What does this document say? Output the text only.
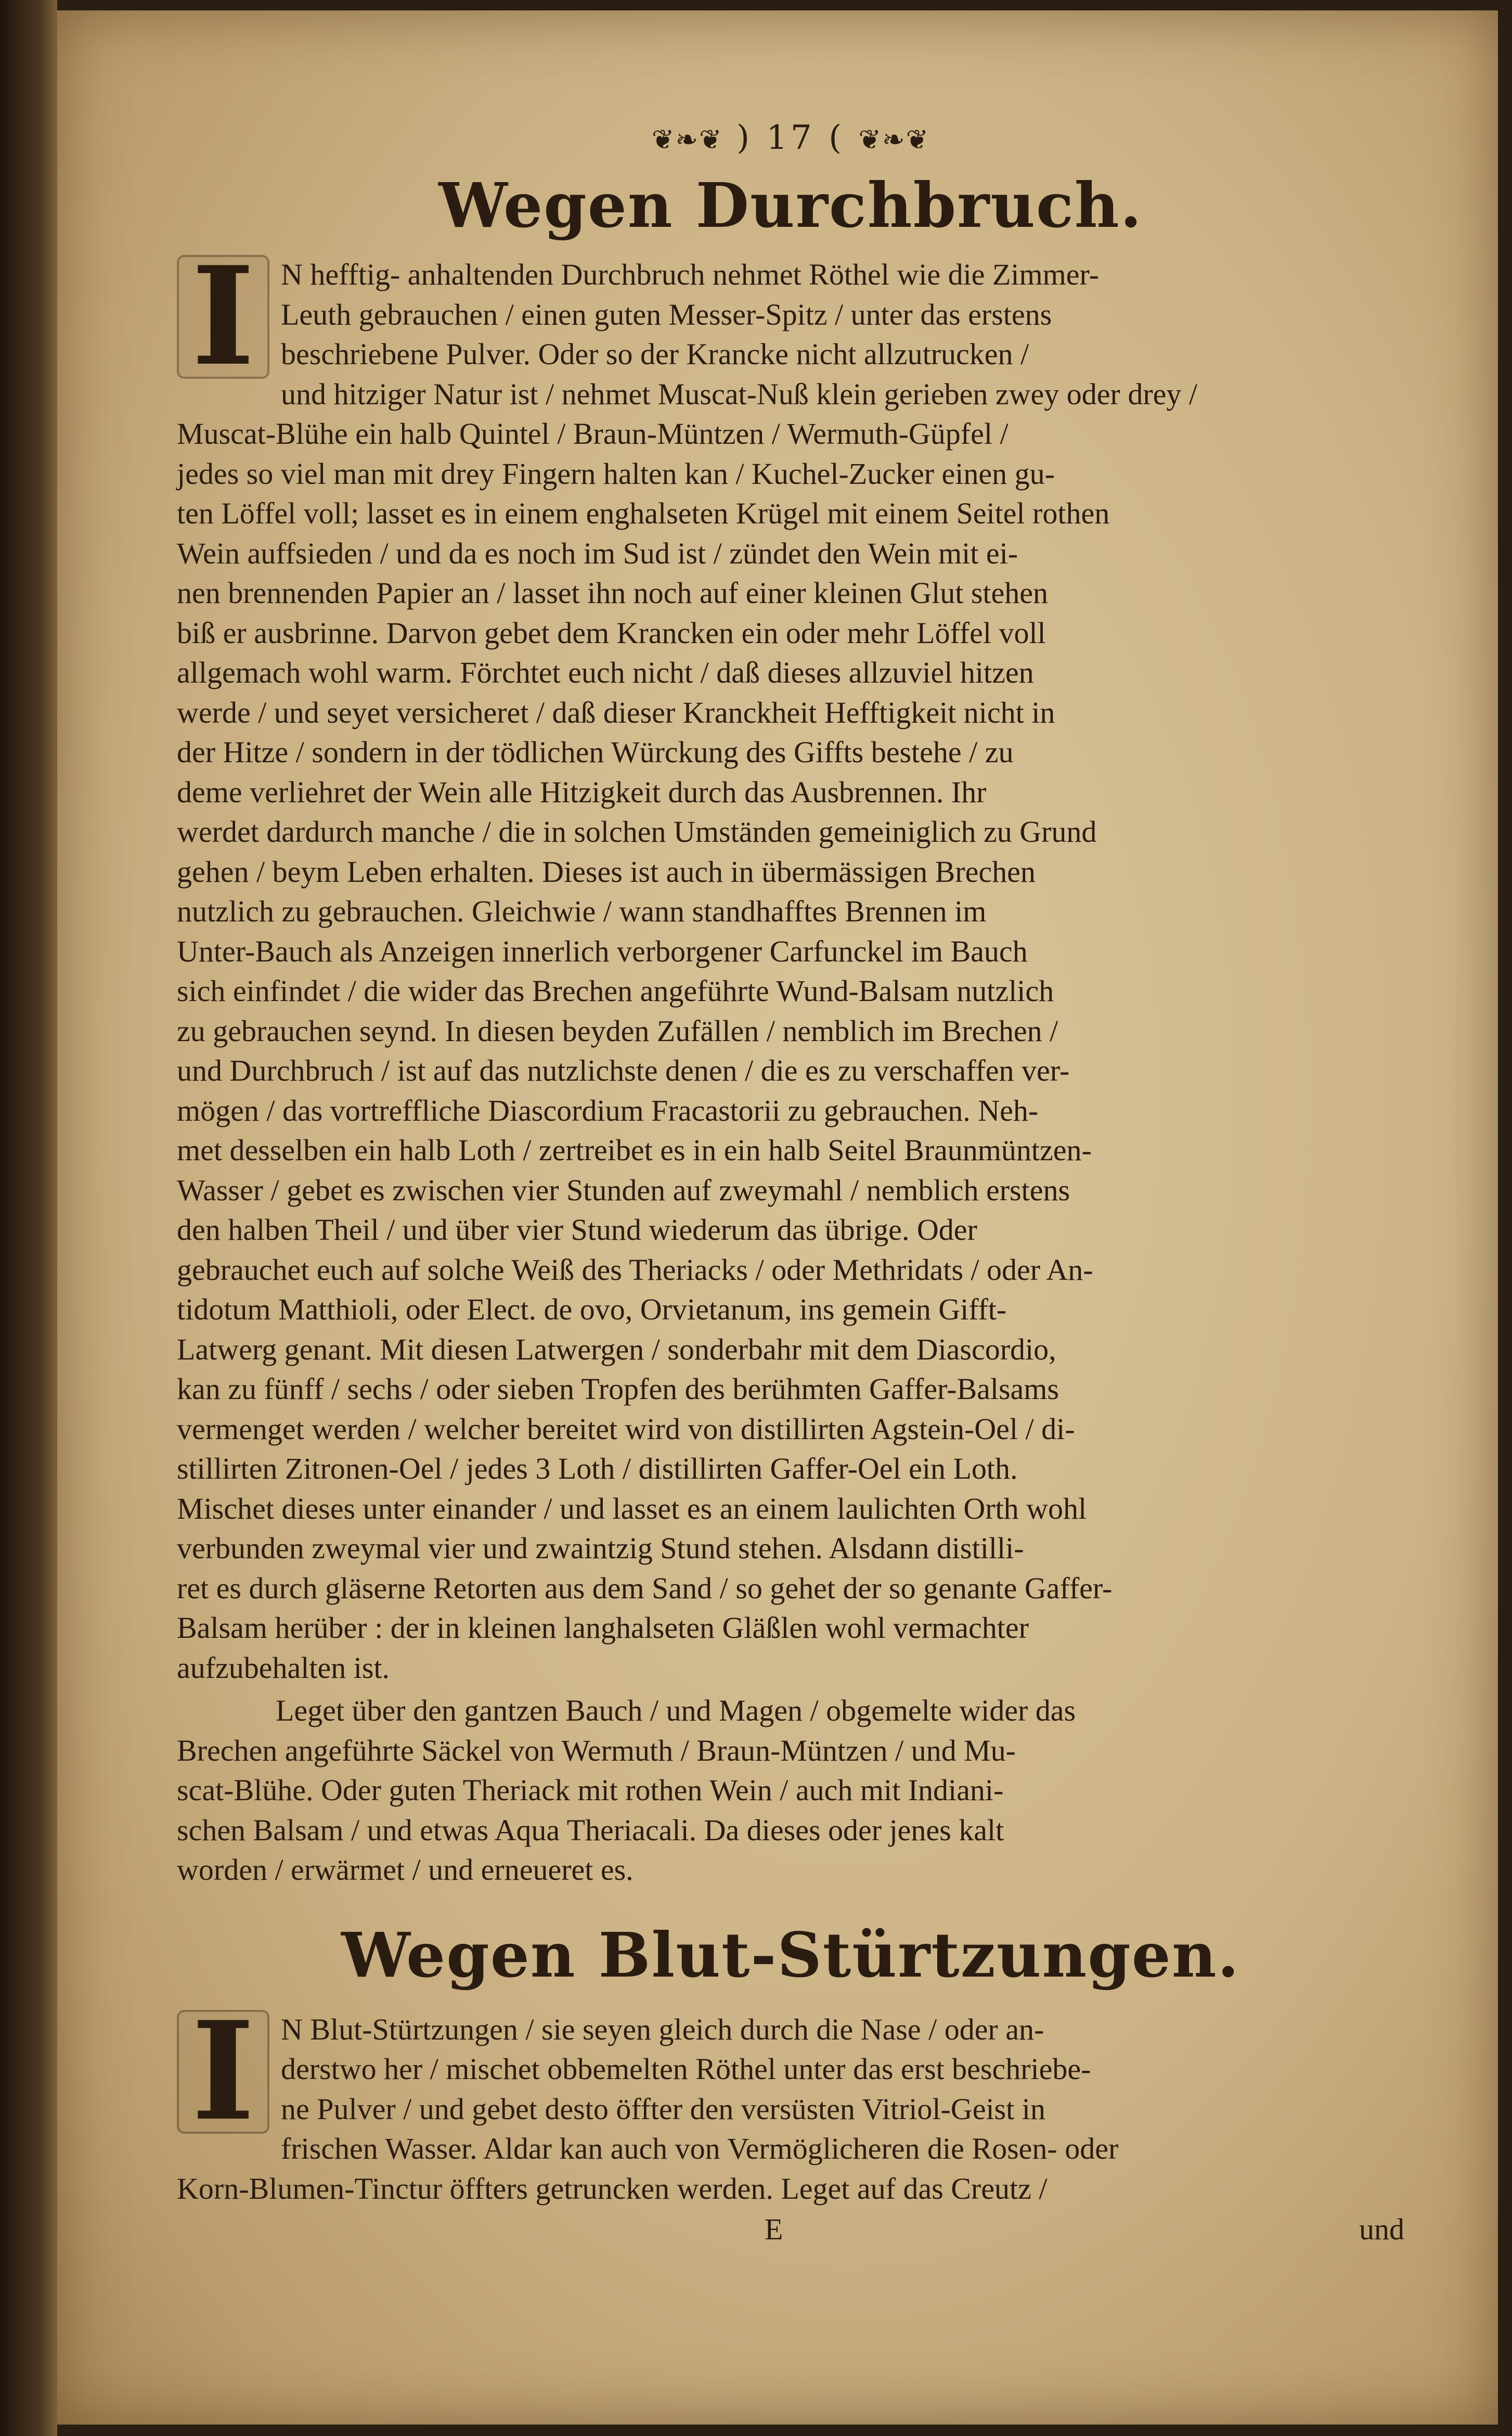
❦❧❦ ) 17 ( ❦❧❦
Wegen Durchbruch.
I N hefftig- anhaltenden Durchbruch nehmet Röthel wie die Zimmer-
Leuth gebrauchen / einen guten Messer-Spitz / unter das erstens
beschriebene Pulver. Oder so der Krancke nicht allzutrucken /
und hitziger Natur ist / nehmet Muscat-Nuß klein gerieben zwey oder drey /
Muscat-Blühe ein halb Quintel / Braun-Müntzen / Wermuth-Güpfel /
jedes so viel man mit drey Fingern halten kan / Kuchel-Zucker einen gu-
ten Löffel voll; lasset es in einem enghalseten Krügel mit einem Seitel rothen
Wein auffsieden / und da es noch im Sud ist / zündet den Wein mit ei-
nen brennenden Papier an / lasset ihn noch auf einer kleinen Glut stehen
biß er ausbrinne. Darvon gebet dem Krancken ein oder mehr Löffel voll
allgemach wohl warm. Förchtet euch nicht / daß dieses allzuviel hitzen
werde / und seyet versicheret / daß dieser Kranckheit Hefftigkeit nicht in
der Hitze / sondern in der tödlichen Würckung des Giffts bestehe / zu
deme verliehret der Wein alle Hitzigkeit durch das Ausbrennen. Ihr
werdet dardurch manche / die in solchen Umständen gemeiniglich zu Grund
gehen / beym Leben erhalten. Dieses ist auch in übermässigen Brechen
nutzlich zu gebrauchen. Gleichwie / wann standhafftes Brennen im
Unter-Bauch als Anzeigen innerlich verborgener Carfunckel im Bauch
sich einfindet / die wider das Brechen angeführte Wund-Balsam nutzlich
zu gebrauchen seynd. In diesen beyden Zufällen / nemblich im Brechen /
und Durchbruch / ist auf das nutzlichste denen / die es zu verschaffen ver-
mögen / das vortreffliche Diascordium Fracastorii zu gebrauchen. Neh-
met desselben ein halb Loth / zertreibet es in ein halb Seitel Braunmüntzen-
Wasser / gebet es zwischen vier Stunden auf zweymahl / nemblich erstens
den halben Theil / und über vier Stund wiederum das übrige. Oder
gebrauchet euch auf solche Weiß des Theriacks / oder Methridats / oder An-
tidotum Matthioli, oder Elect. de ovo, Orvietanum, ins gemein Gifft-
Latwerg genant. Mit diesen Latwergen / sonderbahr mit dem Diascordio,
kan zu fünff / sechs / oder sieben Tropfen des berühmten Gaffer-Balsams
vermenget werden / welcher bereitet wird von distillirten Agstein-Oel / di-
stillirten Zitronen-Oel / jedes 3 Loth / distillirten Gaffer-Oel ein Loth.
Mischet dieses unter einander / und lasset es an einem laulichten Orth wohl
verbunden zweymal vier und zwaintzig Stund stehen. Alsdann distilli-
ret es durch gläserne Retorten aus dem Sand / so gehet der so genante Gaffer-
Balsam herüber : der in kleinen langhalseten Gläßlen wohl vermachter
aufzubehalten ist.
Leget über den gantzen Bauch / und Magen / obgemelte wider das
Brechen angeführte Säckel von Wermuth / Braun-Müntzen / und Mu-
scat-Blühe. Oder guten Theriack mit rothen Wein / auch mit Indiani-
schen Balsam / und etwas Aqua Theriacali. Da dieses oder jenes kalt
worden / erwärmet / und erneueret es.
Wegen Blut-Stürtzungen.
I N Blut-Stürtzungen / sie seyen gleich durch die Nase / oder an-
derstwo her / mischet obbemelten Röthel unter das erst beschriebe-
ne Pulver / und gebet desto öffter den versüsten Vitriol-Geist in
frischen Wasser. Aldar kan auch von Vermöglicheren die Rosen- oder
Korn-Blumen-Tinctur öffters getruncken werden. Leget auf das Creutz /
E	und
